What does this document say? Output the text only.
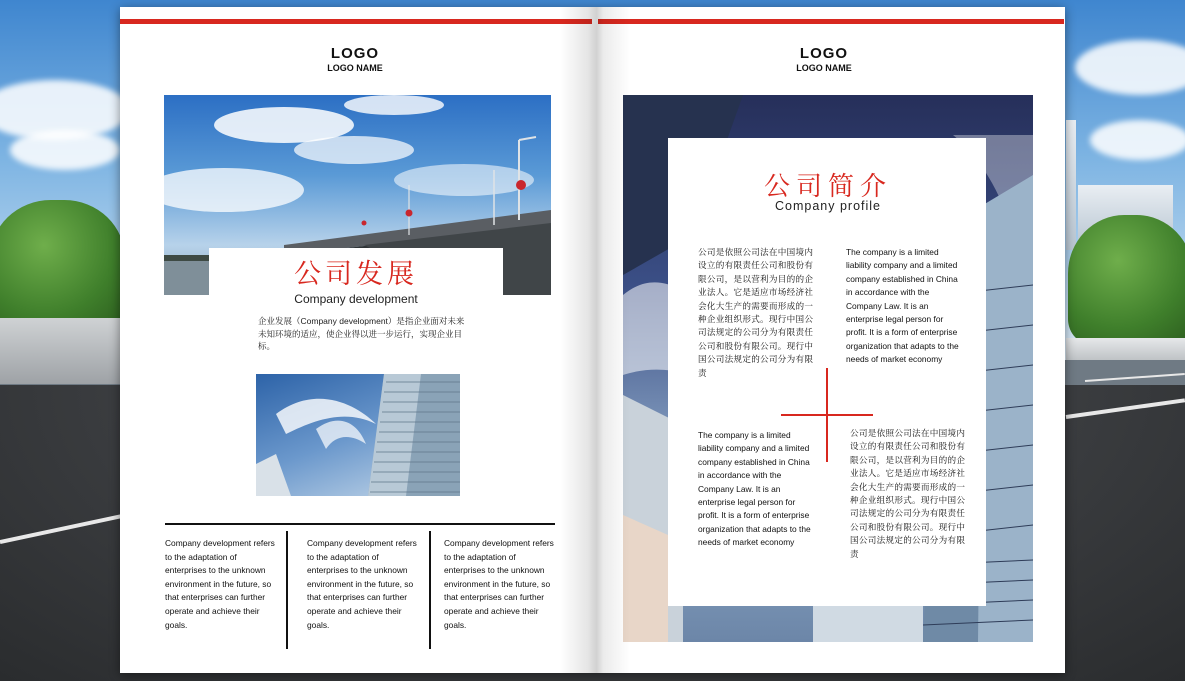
LOGO
LOGO NAME
公司发展
Company development
企业发展（Company development）是指企业面对未来未知环境的适应，使企业得以进一步运行，实现企业目标。
Company development refers to the adaptation of enterprises to the unknown environment in the future, so that enterprises can further operate and achieve their goals.
Company development refers to the adaptation of enterprises to the unknown environment in the future, so that enterprises can further operate and achieve their goals.
Company development refers to the adaptation of enterprises to the unknown environment in the future, so that enterprises can further operate and achieve their goals.
LOGO
LOGO NAME
公司简介
Company profile
公司是依照公司法在中国境内设立的有限责任公司和股份有限公司，是以营利为目的的企业法人。它是适应市场经济社会化大生产的需要而形成的一种企业组织形式。现行中国公司法规定的公司分为有限责任公司和股份有限公司。现行中国公司法规定的公司分为有限责
The company is a limited liability company and a limited company established in China in accordance with the Company Law. It is an enterprise legal person for profit. It is a form of enterprise organization that adapts to the needs of market economy
The company is a limited liability company and a limited company established in China in accordance with the Company Law. It is an enterprise legal person for profit. It is a form of enterprise organization that adapts to the needs of market economy
公司是依照公司法在中国境内设立的有限责任公司和股份有限公司，是以营利为目的的企业法人。它是适应市场经济社会化大生产的需要而形成的一种企业组织形式。现行中国公司法规定的公司分为有限责任公司和股份有限公司。现行中国公司法规定的公司分为有限责
